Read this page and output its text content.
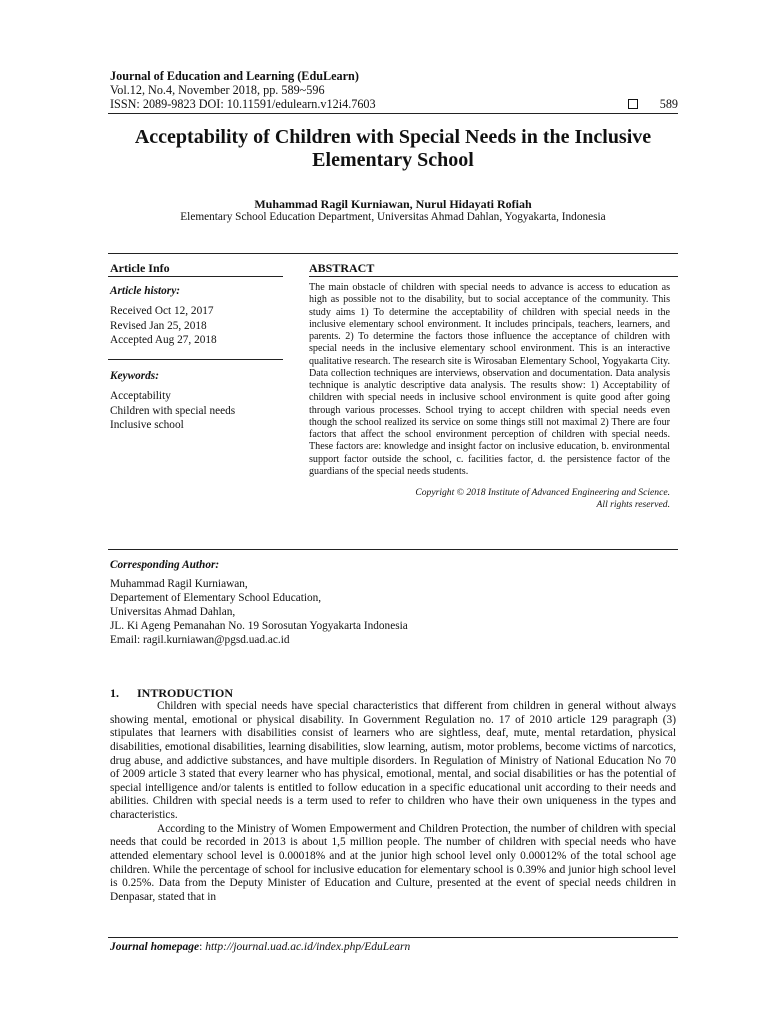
Journal of Education and Learning (EduLearn)
Vol.12, No.4, November 2018, pp. 589~596
ISSN: 2089-9823 DOI: 10.11591/edulearn.v12i4.7603	589
Acceptability of Children with Special Needs in the Inclusive
Elementary School
Muhammad Ragil Kurniawan, Nurul Hidayati Rofiah
Elementary School Education Department, Universitas Ahmad Dahlan, Yogyakarta, Indonesia
Article Info
Article history:
Received Oct 12, 2017
Revised Jan 25, 2018
Accepted Aug 27, 2018
Keywords:
Acceptability
Children with special needs
Inclusive school
ABSTRACT
The main obstacle of children with special needs to advance is access to education as high as possible not to the disability, but to social acceptance of the community. This study aims 1) To determine the acceptability of children with special needs in the inclusive elementary school environment. It includes principals, teachers, learners, and parents. 2) To determine the factors those influence the acceptance of children with special needs in the inclusive elementary school environment. This is an interactive qualitative research. The research site is Wirosaban Elementary School, Yogyakarta City. Data collection techniques are interviews, observation and documentation. Data analysis technique is analytic descriptive data analysis. The results show: 1) Acceptability of children with special needs in inclusive school environment is quite good after going through various processes. School trying to accept children with special needs even though the school realized its service on some things still not maximal 2) There are four factors that affect the school environment perception of children with special needs. These factors are: knowledge and insight factor on inclusive education, b. environmental support factor outside the school, c. facilities factor, d. the persistence factor of the guardians of the special needs students.
Copyright © 2018 Institute of Advanced Engineering and Science.
All rights reserved.
Corresponding Author:
Muhammad Ragil Kurniawan,
Departement of Elementary School Education,
Universitas Ahmad Dahlan,
JL. Ki Ageng Pemanahan No. 19 Sorosutan Yogyakarta Indonesia
Email: ragil.kurniawan@pgsd.uad.ac.id
1.	INTRODUCTION

Children with special needs have special characteristics that different from children in general without always showing mental, emotional or physical disability. In Government Regulation no. 17 of 2010 article 129 paragraph (3) stipulates that learners with disabilities consist of learners who are sightless, deaf, mute, mental retardation, physical disabilities, emotional disabilities, learning disabilities, slow learning, autism, motor problems, become victims of narcotics, drug abuse, and addictive substances, and have multiple disorders. In Regulation of Ministry of National Education No 70 of 2009 article 3 stated that every learner who has physical, emotional, mental, and social disabilities or has the potential of special intelligence and/or talents is entitled to follow education in a specific educational unit according to their needs and abilities. Children with special needs is a term used to refer to children who have their own uniqueness in the types and characteristics.

According to the Ministry of Women Empowerment and Children Protection, the number of children with special needs that could be recorded in 2013 is about 1,5 million people. The number of children with special needs who have attended elementary school level is 0.00018% and at the junior high school level only 0.00012% of the total school age children. While the percentage of school for inclusive education for elementary school is 0.39% and junior high school level is 0.25%. Data from the Deputy Minister of Education and Culture, presented at the event of special needs children in Denpasar, stated that in

Journal homepage: http://journal.uad.ac.id/index.php/EduLearn
